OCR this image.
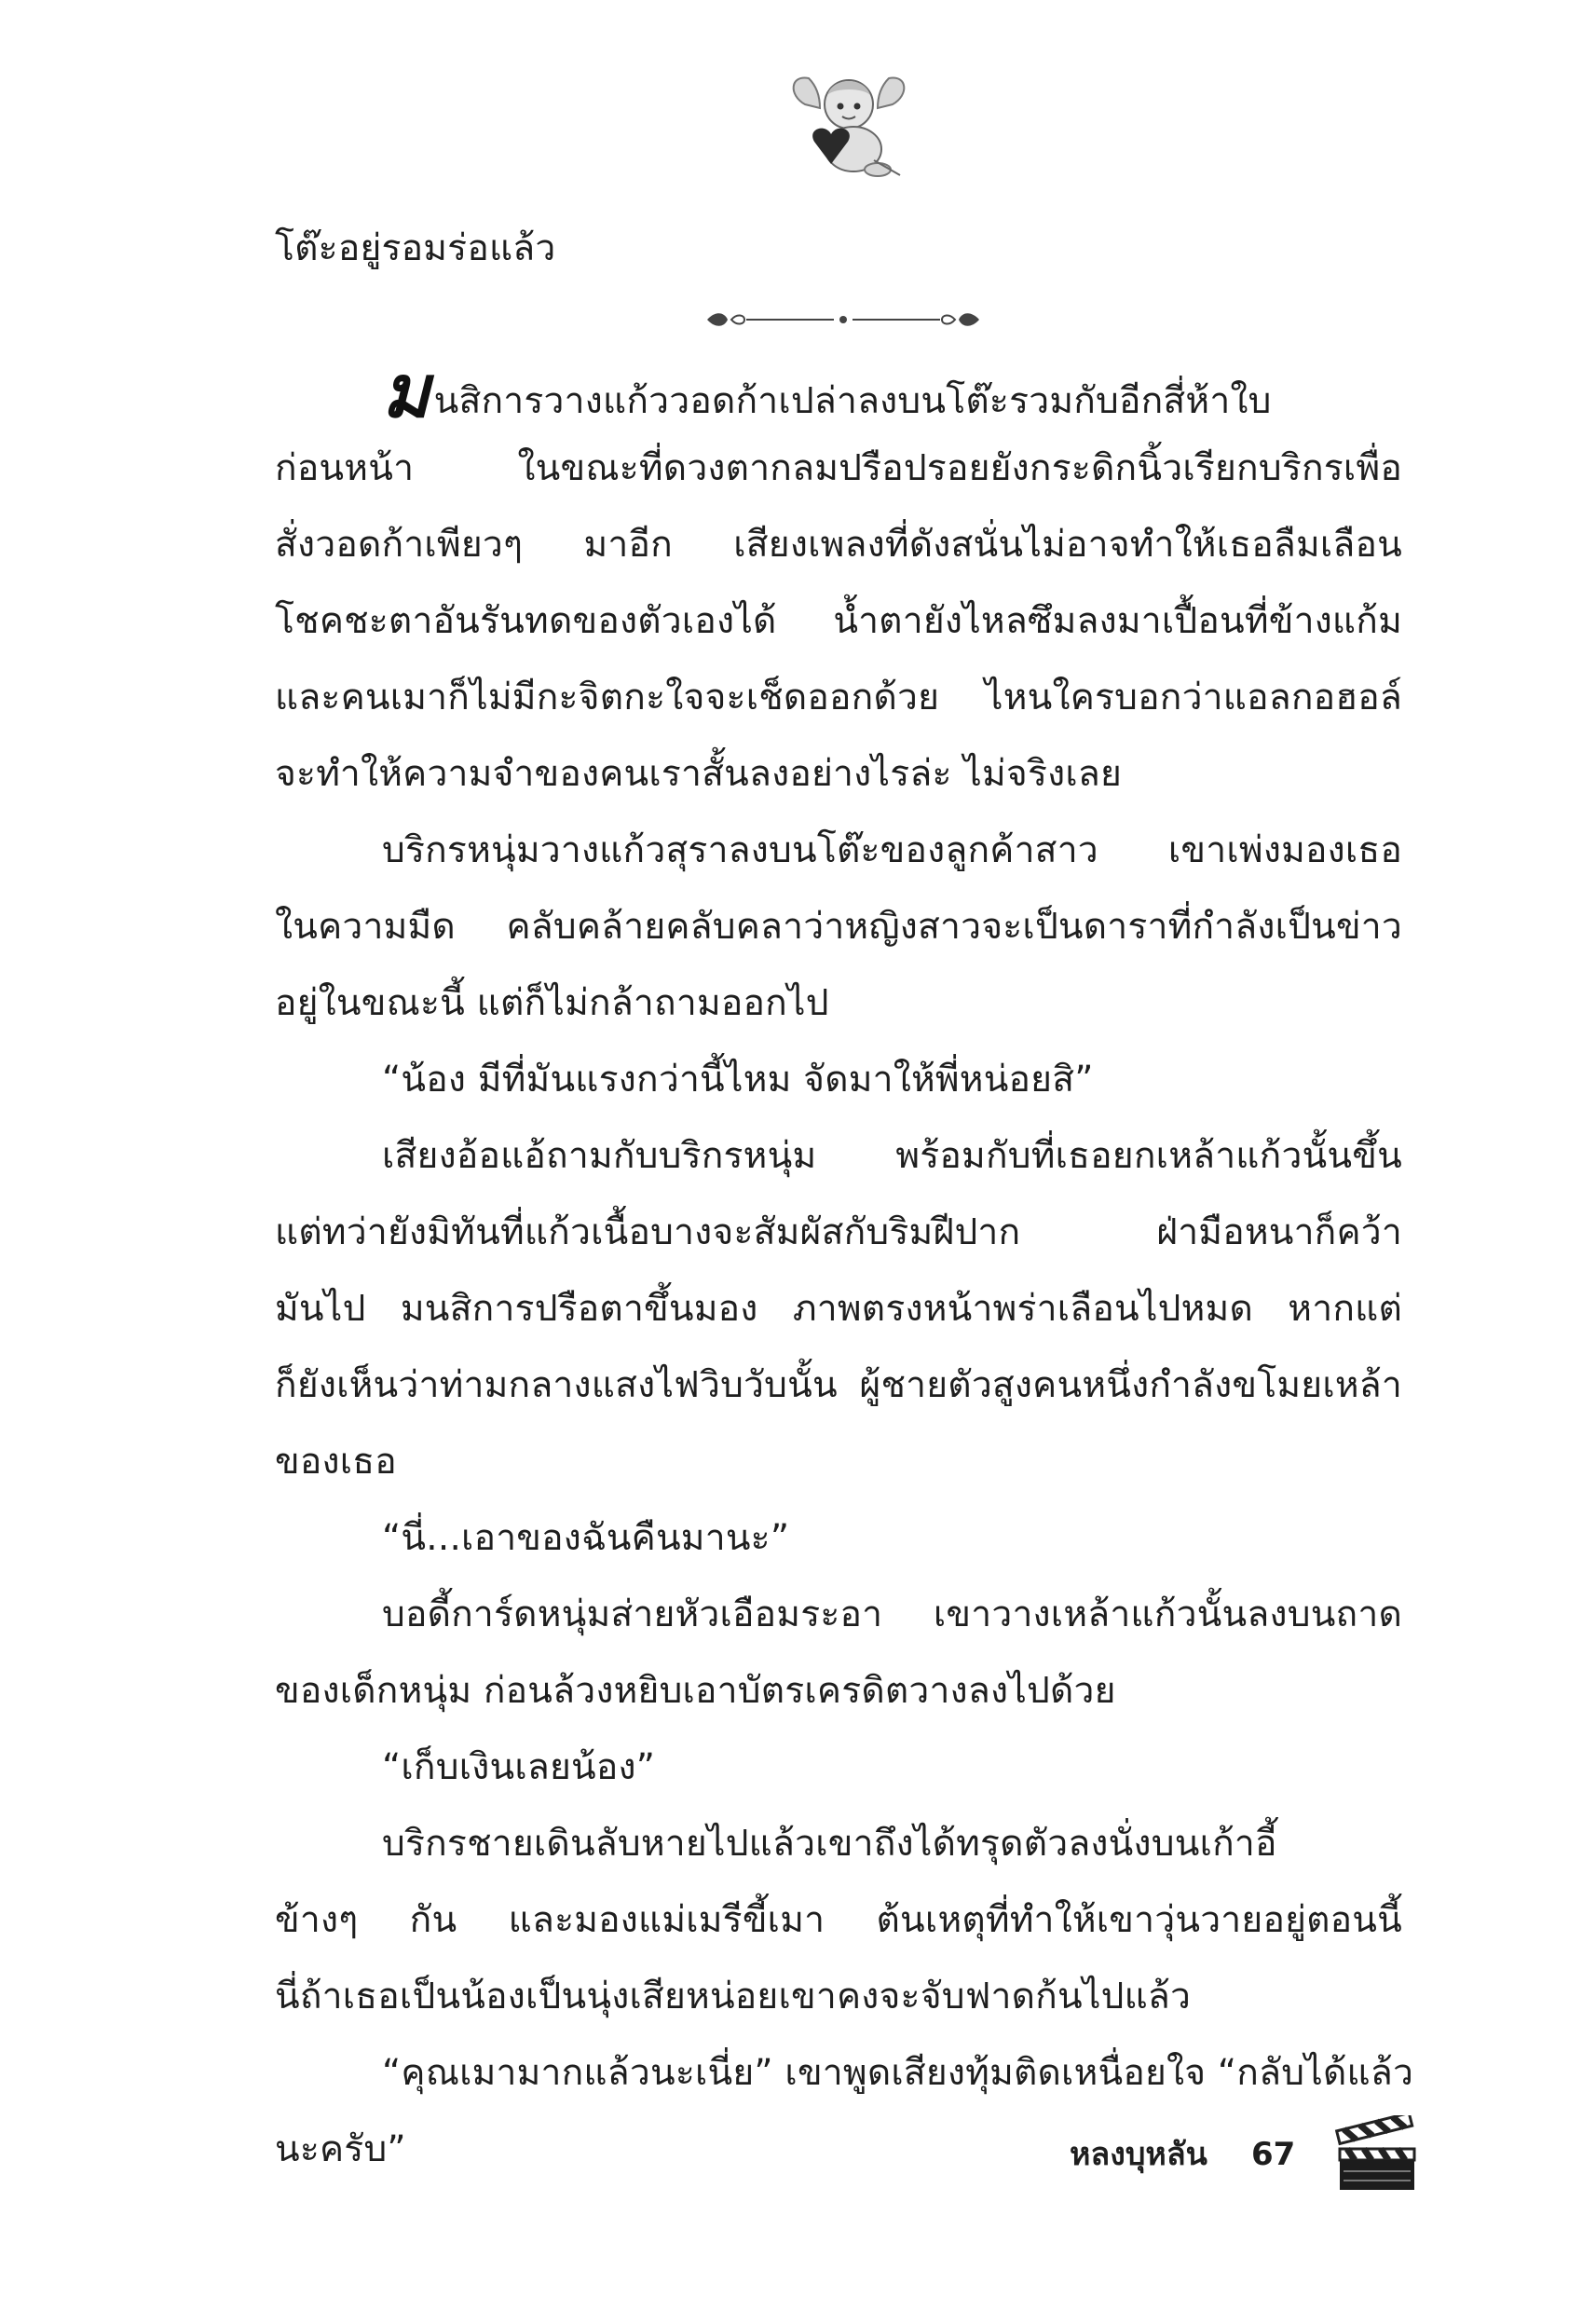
โต๊ะอยู่รอมร่อแล้ว
มนสิการวางแก้ววอดก้าเปล่าลงบนโต๊ะรวมกับอีกสี่ห้าใบ
ก่อนหน้า ในขณะที่ดวงตากลมปรือปรอยยังกระดิกนิ้วเรียกบริกรเพื่อ
สั่งวอดก้าเพียวๆ มาอีก เสียงเพลงที่ดังสนั่นไม่อาจทำให้เธอลืมเลือน
โชคชะตาอันรันทดของตัวเองได้ น้ำตายังไหลซึมลงมาเปื้อนที่ข้างแก้ม
และคนเมาก็ไม่มีกะจิตกะใจจะเช็ดออกด้วย ไหนใครบอกว่าแอลกอฮอล์
จะทำให้ความจำของคนเราสั้นลงอย่างไรล่ะ ไม่จริงเลย
บริกรหนุ่มวางแก้วสุราลงบนโต๊ะของลูกค้าสาว เขาเพ่งมองเธอ
ในความมืด คลับคล้ายคลับคลาว่าหญิงสาวจะเป็นดาราที่กำลังเป็นข่าว
อยู่ในขณะนี้ แต่ก็ไม่กล้าถามออกไป
“น้อง มีที่มันแรงกว่านี้ไหม จัดมาให้พี่หน่อยสิ”
เสียงอ้อแอ้ถามกับบริกรหนุ่ม พร้อมกับที่เธอยกเหล้าแก้วนั้นขึ้น
แต่ทว่ายังมิทันที่แก้วเนื้อบางจะสัมผัสกับริมฝีปาก ฝ่ามือหนาก็คว้า
มันไป มนสิการปรือตาขึ้นมอง ภาพตรงหน้าพร่าเลือนไปหมด หากแต่
ก็ยังเห็นว่าท่ามกลางแสงไฟวิบวับนั้น ผู้ชายตัวสูงคนหนึ่งกำลังขโมยเหล้า
ของเธอ
“นี่...เอาของฉันคืนมานะ”
บอดี้การ์ดหนุ่มส่ายหัวเอือมระอา เขาวางเหล้าแก้วนั้นลงบนถาด
ของเด็กหนุ่ม ก่อนล้วงหยิบเอาบัตรเครดิตวางลงไปด้วย
“เก็บเงินเลยน้อง”
บริกรชายเดินลับหายไปแล้วเขาถึงได้ทรุดตัวลงนั่งบนเก้าอี้
ข้างๆ กัน และมองแม่เมรีขี้เมา ต้นเหตุที่ทำให้เขาวุ่นวายอยู่ตอนนี้
นี่ถ้าเธอเป็นน้องเป็นนุ่งเสียหน่อยเขาคงจะจับฟาดก้นไปแล้ว
“คุณเมามากแล้วนะเนี่ย” เขาพูดเสียงทุ้มติดเหนื่อยใจ “กลับได้แล้ว
นะครับ”	หลงบุหลัน 67
